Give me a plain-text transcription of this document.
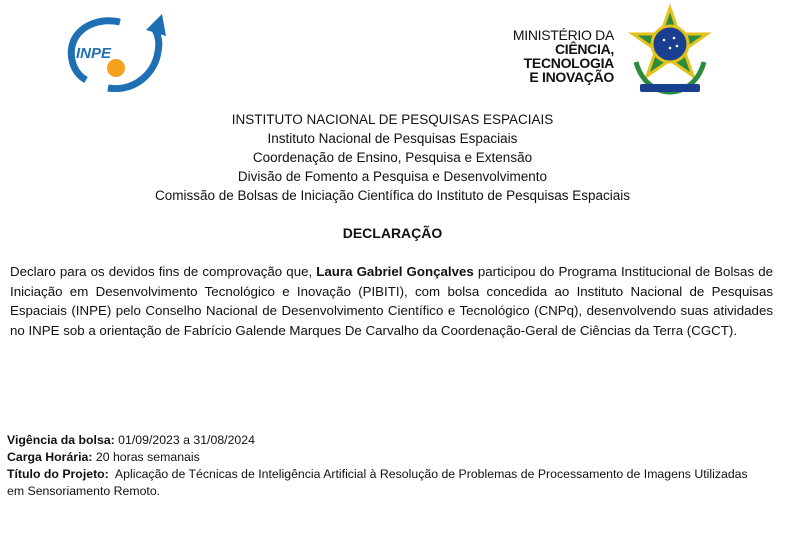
INPE
MINISTÉRIO DA
CIÊNCIA, TECNOLOGIA
E INOVAÇÃO
INSTITUTO NACIONAL DE PESQUISAS ESPACIAIS
Instituto Nacional de Pesquisas Espaciais
Coordenação de Ensino, Pesquisa e Extensão
Divisão de Fomento a Pesquisa e Desenvolvimento
Comissão de Bolsas de Iniciação Científica do Instituto de Pesquisas Espaciais
DECLARAÇÃO
Declaro para os devidos fins de comprovação que, Laura Gabriel Gonçalves participou do Programa Institucional de Bolsas de Iniciação em Desenvolvimento Tecnológico e Inovação (PIBITI), com bolsa concedida ao Instituto Nacional de Pesquisas Espaciais (INPE) pelo Conselho Nacional de Desenvolvimento Científico e Tecnológico (CNPq), desenvolvendo suas atividades no INPE sob a orientação de Fabrício Galende Marques De Carvalho da Coordenação-Geral de Ciências da Terra (CGCT).
Vigência da bolsa: 01/09/2023 a 31/08/2024
Carga Horária: 20 horas semanais
Título do Projeto:  Aplicação de Técnicas de Inteligência Artificial à Resolução de Problemas de Processamento de Imagens Utilizadas em Sensoriamento Remoto.
